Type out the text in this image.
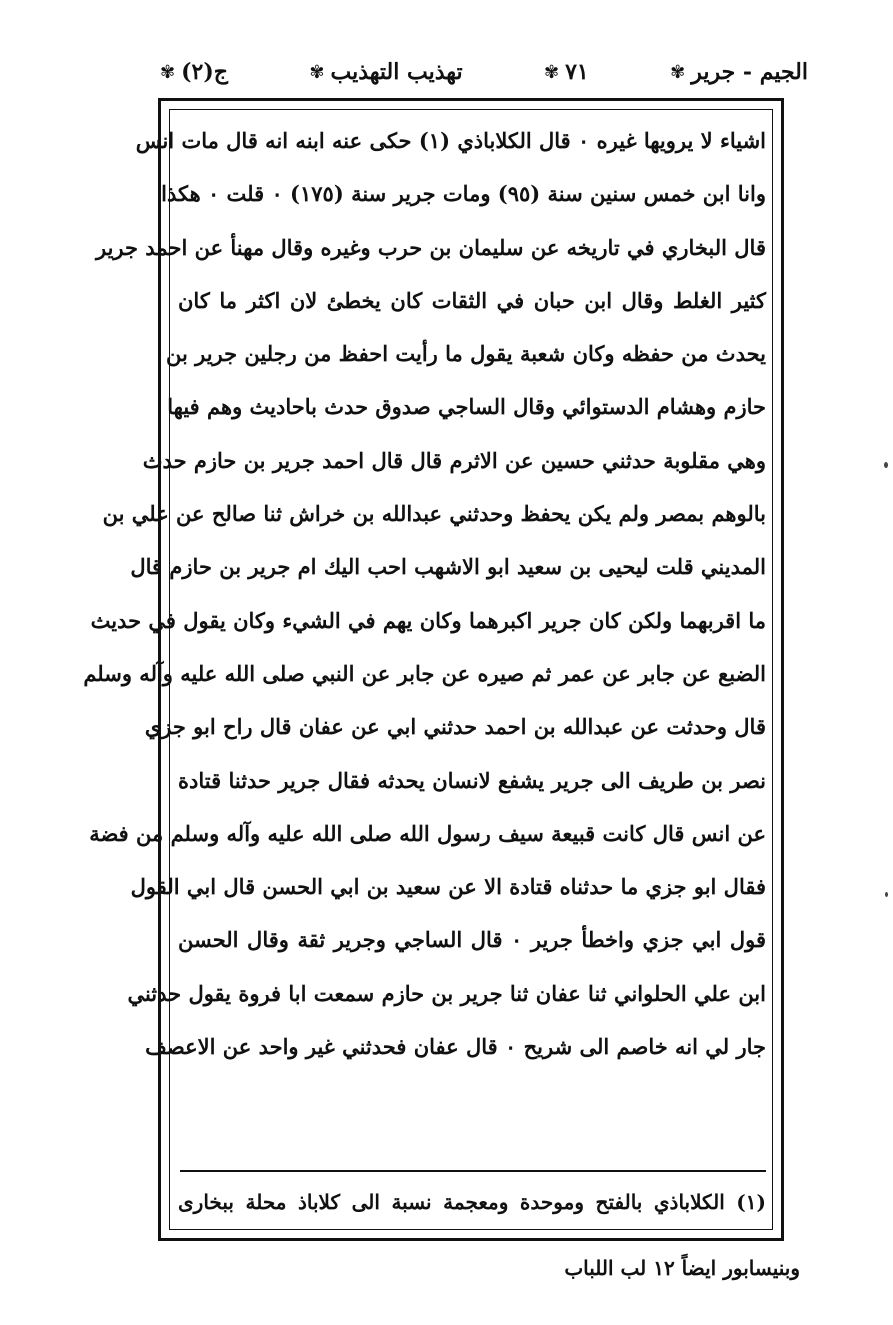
ج(٢)
✾	تهذيب التهذيب
✾	٧١
✾	الجيم - جرير
✾
اشياء لا يرويها غيره ۰ قال الكلاباذي (١) حكى عنه ابنه انه قال مات انس
وانا ابن خمس سنين سنة (٩٥) ومات جرير سنة (١٧٥) ۰ قلت ۰ هكذا
قال البخاري في تاريخه عن سليمان بن حرب وغيره وقال مهنأ عن احمد جرير
كثير الغلط وقال ابن حبان في الثقات كان يخطئ لان اكثر ما كان
يحدث من حفظه وكان شعبة يقول ما رأيت احفظ من رجلين جرير بن
حازم وهشام الدستوائي وقال الساجي صدوق حدث باحاديث وهم فيها
وهي مقلوبة حدثني حسين عن الاثرم قال قال احمد جرير بن حازم حدث
بالوهم بمصر ولم يكن يحفظ وحدثني عبدالله بن خراش ثنا صالح عن علي بن
المديني قلت ليحيى بن سعيد ابو الاشهب احب اليك ام جرير بن حازم قال
ما اقربهما ولكن كان جرير اكبرهما وكان يهم في الشيء وكان يقول في حديث
الضبع عن جابر عن عمر ثم صيره عن جابر عن النبي صلى الله عليه وآله وسلم
قال وحدثت عن عبدالله بن احمد حدثني ابي عن عفان قال راح ابو جزي
نصر بن طريف الى جرير يشفع لانسان يحدثه فقال جرير حدثنا قتادة
عن انس قال كانت قبيعة سيف رسول الله صلى الله عليه وآله وسلم من فضة
فقال ابو جزي ما حدثناه قتادة الا عن سعيد بن ابي الحسن قال ابي القول
قول ابي جزي واخطأ جرير ۰ قال الساجي وجرير ثقة وقال الحسن
ابن علي الحلواني ثنا عفان ثنا جرير بن حازم سمعت ابا فروة يقول حدثني
جار لي انه خاصم الى شريح ۰ قال عفان فحدثني غير واحد عن الاعصف
(١) الكلاباذي بالفتح وموحدة ومعجمة نسبة الى كلاباذ محلة ببخارى
وبنيسابور ايضاً ١٢ لب اللباب
